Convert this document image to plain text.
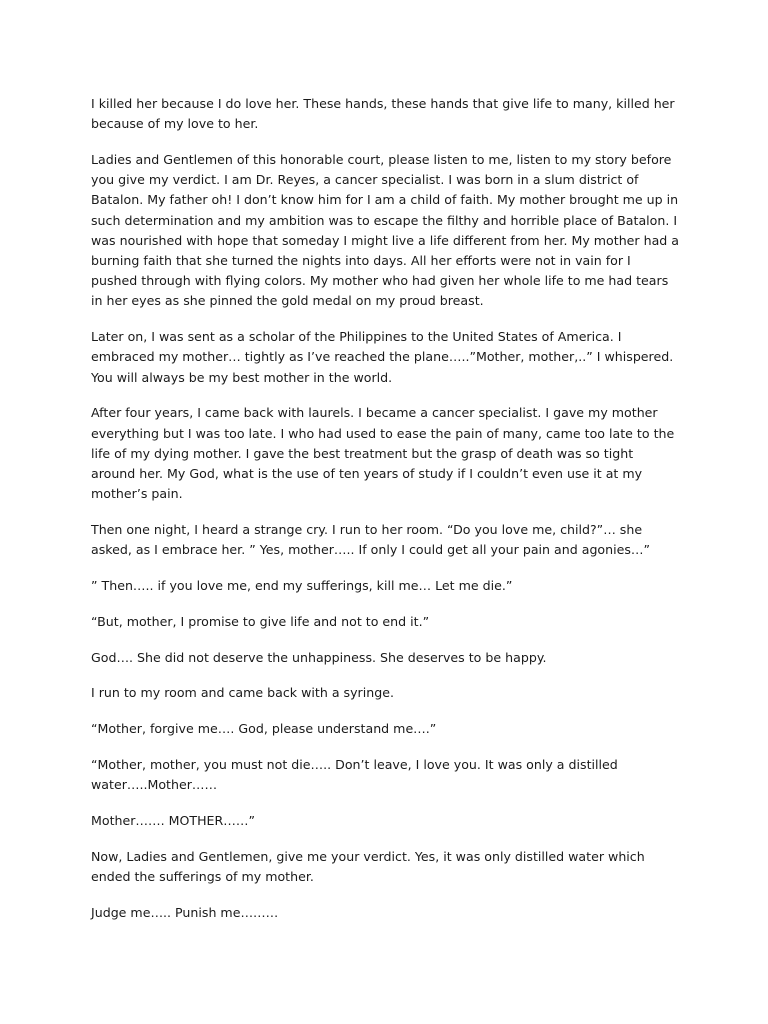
I killed her because I do love her. These hands, these hands that give life to many, killed her because of my love to her.

Ladies and Gentlemen of this honorable court, please listen to me, listen to my story before you give my verdict. I am Dr. Reyes, a cancer specialist. I was born in a slum district of Batalon. My father oh! I don’t know him for I am a child of faith. My mother brought me up in such determination and my ambition was to escape the filthy and horrible place of Batalon. I was nourished with hope that someday I might live a life different from her. My mother had a burning faith that she turned the nights into days. All her efforts were not in vain for I pushed through with flying colors. My mother who had given her whole life to me had tears in her eyes as she pinned the gold medal on my proud breast.

Later on, I was sent as a scholar of the Philippines to the United States of America. I embraced my mother… tightly as I’ve reached the plane…..”Mother, mother,..” I whispered. You will always be my best mother in the world.

After four years, I came back with laurels. I became a cancer specialist. I gave my mother everything but I was too late. I who had used to ease the pain of many, came too late to the life of my dying mother. I gave the best treatment but the grasp of death was so tight around her. My God, what is the use of ten years of study if I couldn’t even use it at my mother’s pain.

Then one night, I heard a strange cry. I run to her room. “Do you love me, child?”… she asked, as I embrace her. ” Yes, mother….. If only I could get all your pain and agonies…”

” Then….. if you love me, end my sufferings, kill me… Let me die.”

“But, mother, I promise to give life and not to end it.”

God…. She did not deserve the unhappiness. She deserves to be happy.

I run to my room and came back with a syringe.

“Mother, forgive me…. God, please understand me….”

“Mother, mother, you must not die….. Don’t leave, I love you. It was only a distilled water…..Mother……

Mother……. MOTHER……”

Now, Ladies and Gentlemen, give me your verdict. Yes, it was only distilled water which ended the sufferings of my mother.

Judge me….. Punish me………
